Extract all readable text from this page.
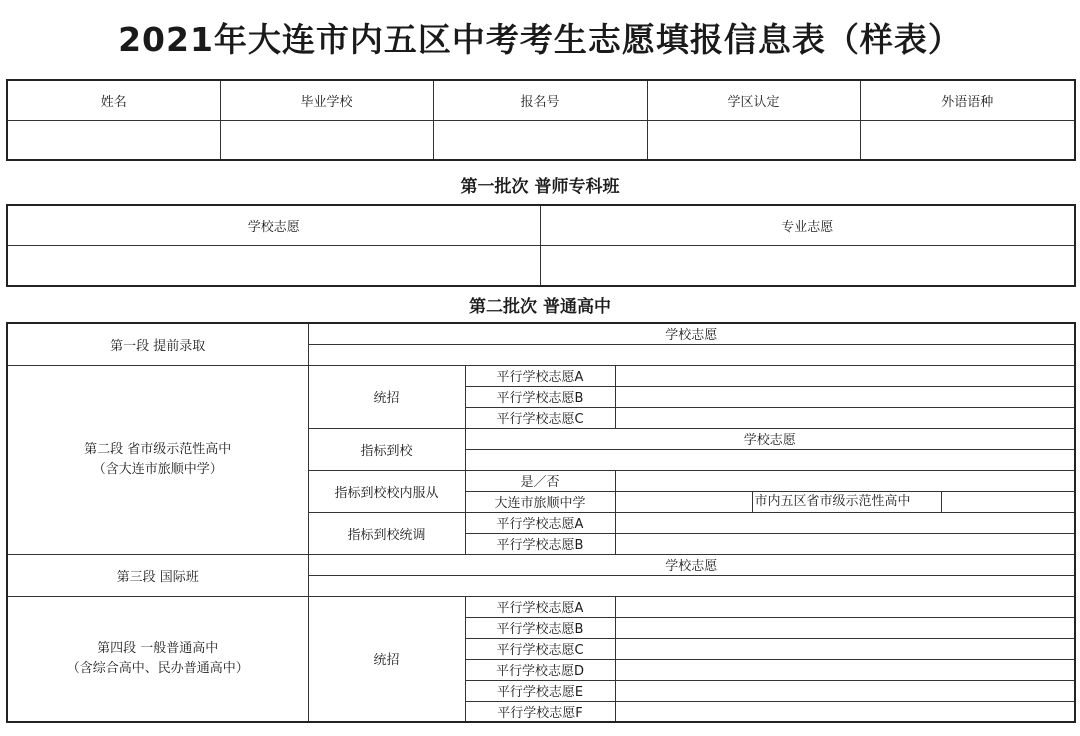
2021年大连市内五区中考考生志愿填报信息表（样表）
姓名	毕业学校	报名号	学区认定	外语语种

第一批次 普师专科班
学校志愿	专业志愿

第二批次 普通高中
第一段 提前录取	学校志愿		

第二段 省市级示范性高中
（含大连市旅顺中学）	统招	平行学校志愿A	
		平行学校志愿B	
		平行学校志愿C	
	指标到校	学校志愿	

	指标到校校内服从	是／否	
		大连市旅顺中学	市内五区省市级示范性高中

	指标到校统调	平行学校志愿A	
		平行学校志愿B	
第三段 国际班	学校志愿		

第四段 一般普通高中
（含综合高中、民办普通高中）	统招	平行学校志愿A	
		平行学校志愿B	
		平行学校志愿C	
		平行学校志愿D	
		平行学校志愿E	
		平行学校志愿F	
